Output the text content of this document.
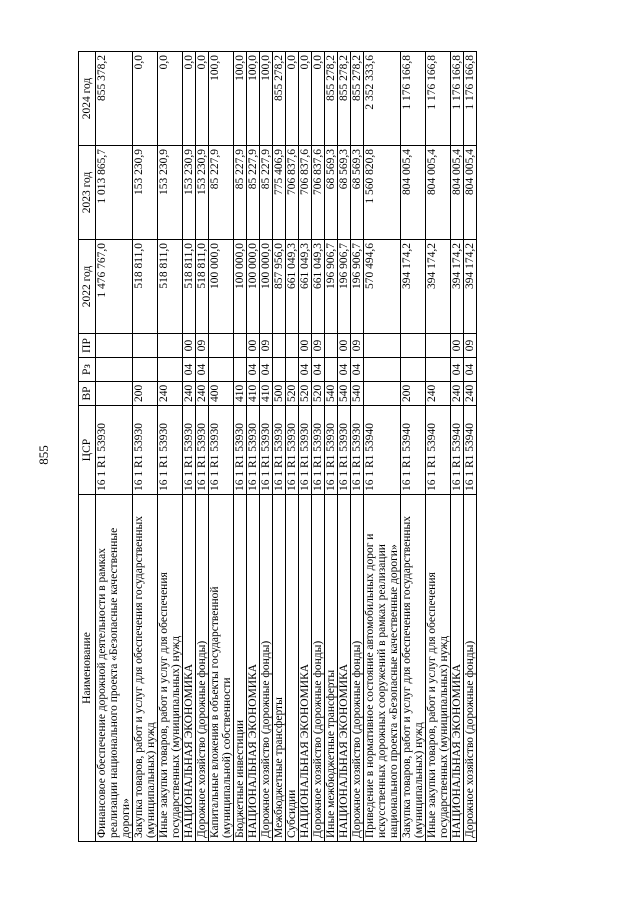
855
Наименование	ЦСР	ВР	Рз	ПР	2022 год	2023 год	2024 год
Финансовое обеспечение дорожной деятельности в рамках реализации национального проекта «Безопасные качественные дороги»	16 1 R1 53930				1 476 767,0	1 013 865,7	855 378,2
Закупка товаров, работ и услуг для обеспечения государственных (муниципальных) нужд	16 1 R1 53930	200			518 811,0	153 230,9	0,0
Иные закупки товаров, работ и услуг для обеспечения государственных (муниципальных) нужд	16 1 R1 53930	240			518 811,0	153 230,9	0,0
НАЦИОНАЛЬНАЯ ЭКОНОМИКА	16 1 R1 53930	240	04	00	518 811,0	153 230,9	0,0
Дорожное хозяйство (дорожные фонды)	16 1 R1 53930	240	04	09	518 811,0	153 230,9	0,0
Капитальные вложения в объекты государственной (муниципальной) собственности	16 1 R1 53930	400			100 000,0	85 227,9	100,0
Бюджетные инвестиции	16 1 R1 53930	410			100 000,0	85 227,9	100,0
НАЦИОНАЛЬНАЯ ЭКОНОМИКА	16 1 R1 53930	410	04	00	100 000,0	85 227,9	100,0
Дорожное хозяйство (дорожные фонды)	16 1 R1 53930	410	04	09	100 000,0	85 227,9	100,0
Межбюджетные трансферты	16 1 R1 53930	500			857 956,0	775 406,9	855 278,2
Субсидии	16 1 R1 53930	520			661 049,3	706 837,6	0,0
НАЦИОНАЛЬНАЯ ЭКОНОМИКА	16 1 R1 53930	520	04	00	661 049,3	706 837,6	0,0
Дорожное хозяйство (дорожные фонды)	16 1 R1 53930	520	04	09	661 049,3	706 837,6	0,0
Иные межбюджетные трансферты	16 1 R1 53930	540			196 906,7	68 569,3	855 278,2
НАЦИОНАЛЬНАЯ ЭКОНОМИКА	16 1 R1 53930	540	04	00	196 906,7	68 569,3	855 278,2
Дорожное хозяйство (дорожные фонды)	16 1 R1 53930	540	04	09	196 906,7	68 569,3	855 278,2
Приведение в нормативное состояние автомобильных дорог и искусственных дорожных сооружений в рамках реализации национального проекта «Безопасные качественные дороги»	16 1 R1 53940				570 494,6	1 560 820,8	2 352 333,6
Закупка товаров, работ и услуг для обеспечения государственных (муниципальных) нужд	16 1 R1 53940	200			394 174,2	804 005,4	1 176 166,8
Иные закупки товаров, работ и услуг для обеспечения государственных (муниципальных) нужд	16 1 R1 53940	240			394 174,2	804 005,4	1 176 166,8
НАЦИОНАЛЬНАЯ ЭКОНОМИКА	16 1 R1 53940	240	04	00	394 174,2	804 005,4	1 176 166,8
Дорожное хозяйство (дорожные фонды)	16 1 R1 53940	240	04	09	394 174,2	804 005,4	1 176 166,8
